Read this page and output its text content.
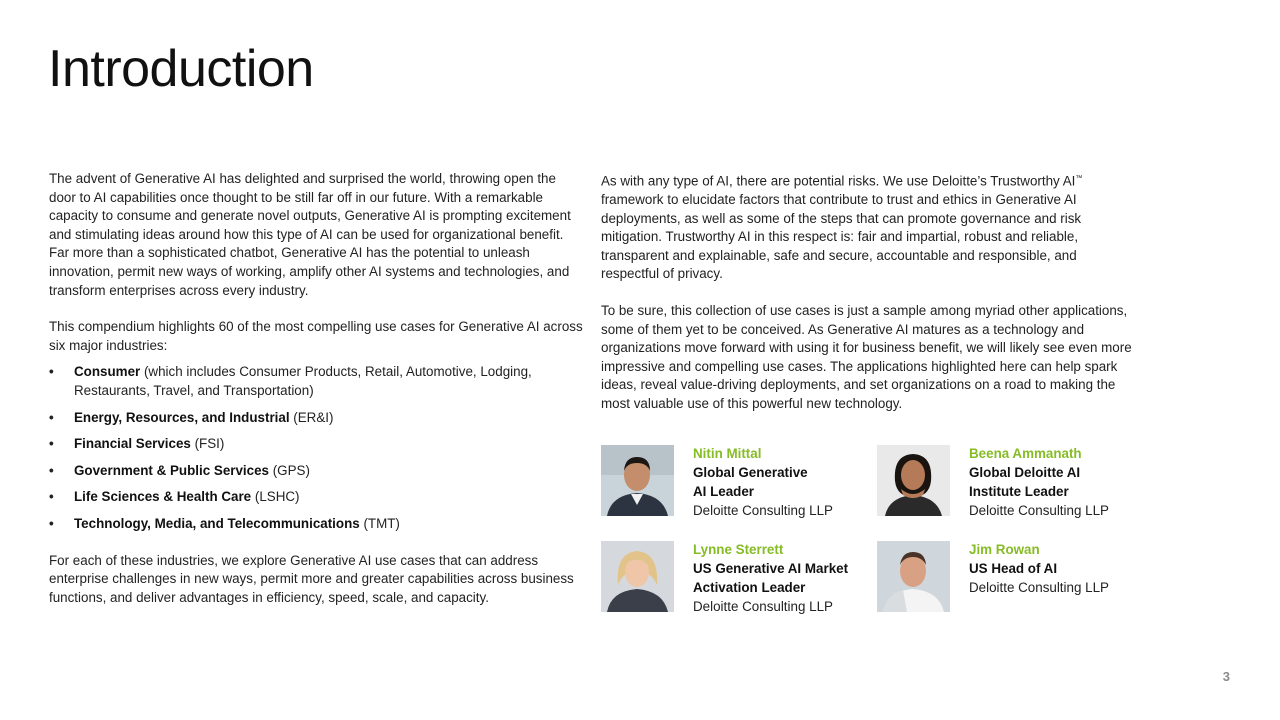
Introduction

The advent of Generative AI has delighted and surprised the world, throwing open the door to AI capabilities once thought to be still far off in our future. With a remarkable capacity to consume and generate novel outputs, Generative AI is prompting excitement and stimulating ideas around how this type of AI can be used for organizational benefit. Far more than a sophisticated chatbot, Generative AI has the potential to unleash innovation, permit new ways of working, amplify other AI systems and technologies, and transform enterprises across every industry.

This compendium highlights 60 of the most compelling use cases for Generative AI across six major industries:

• Consumer (which includes Consumer Products, Retail, Automotive, Lodging, Restaurants, Travel, and Transportation)
• Energy, Resources, and Industrial (ER&I)
• Financial Services (FSI)
• Government & Public Services (GPS)
• Life Sciences & Health Care (LSHC)
• Technology, Media, and Telecommunications (TMT)

For each of these industries, we explore Generative AI use cases that can address enterprise challenges in new ways, permit more and greater capabilities across business functions, and deliver advantages in efficiency, speed, scale, and capacity.

As with any type of AI, there are potential risks. We use Deloitte’s Trustworthy AI™ framework to elucidate factors that contribute to trust and ethics in Generative AI deployments, as well as some of the steps that can promote governance and risk mitigation. Trustworthy AI in this respect is: fair and impartial, robust and reliable, transparent and explainable, safe and secure, accountable and responsible, and respectful of privacy.

To be sure, this collection of use cases is just a sample among myriad other applications, some of them yet to be conceived. As Generative AI matures as a technology and organizations move forward with using it for business benefit, we will likely see even more impressive and compelling use cases. The applications highlighted here can help spark ideas, reveal value-driving deployments, and set organizations on a road to making the most valuable use of this powerful new technology.

Nitin Mittal
Global Generative
AI Leader
Deloitte Consulting LLP
Beena Ammanath
Global Deloitte AI
Institute Leader
Deloitte Consulting LLP
Lynne Sterrett
US Generative AI Market
Activation Leader
Deloitte Consulting LLP
Jim Rowan
US Head of AI
Deloitte Consulting LLP
3
